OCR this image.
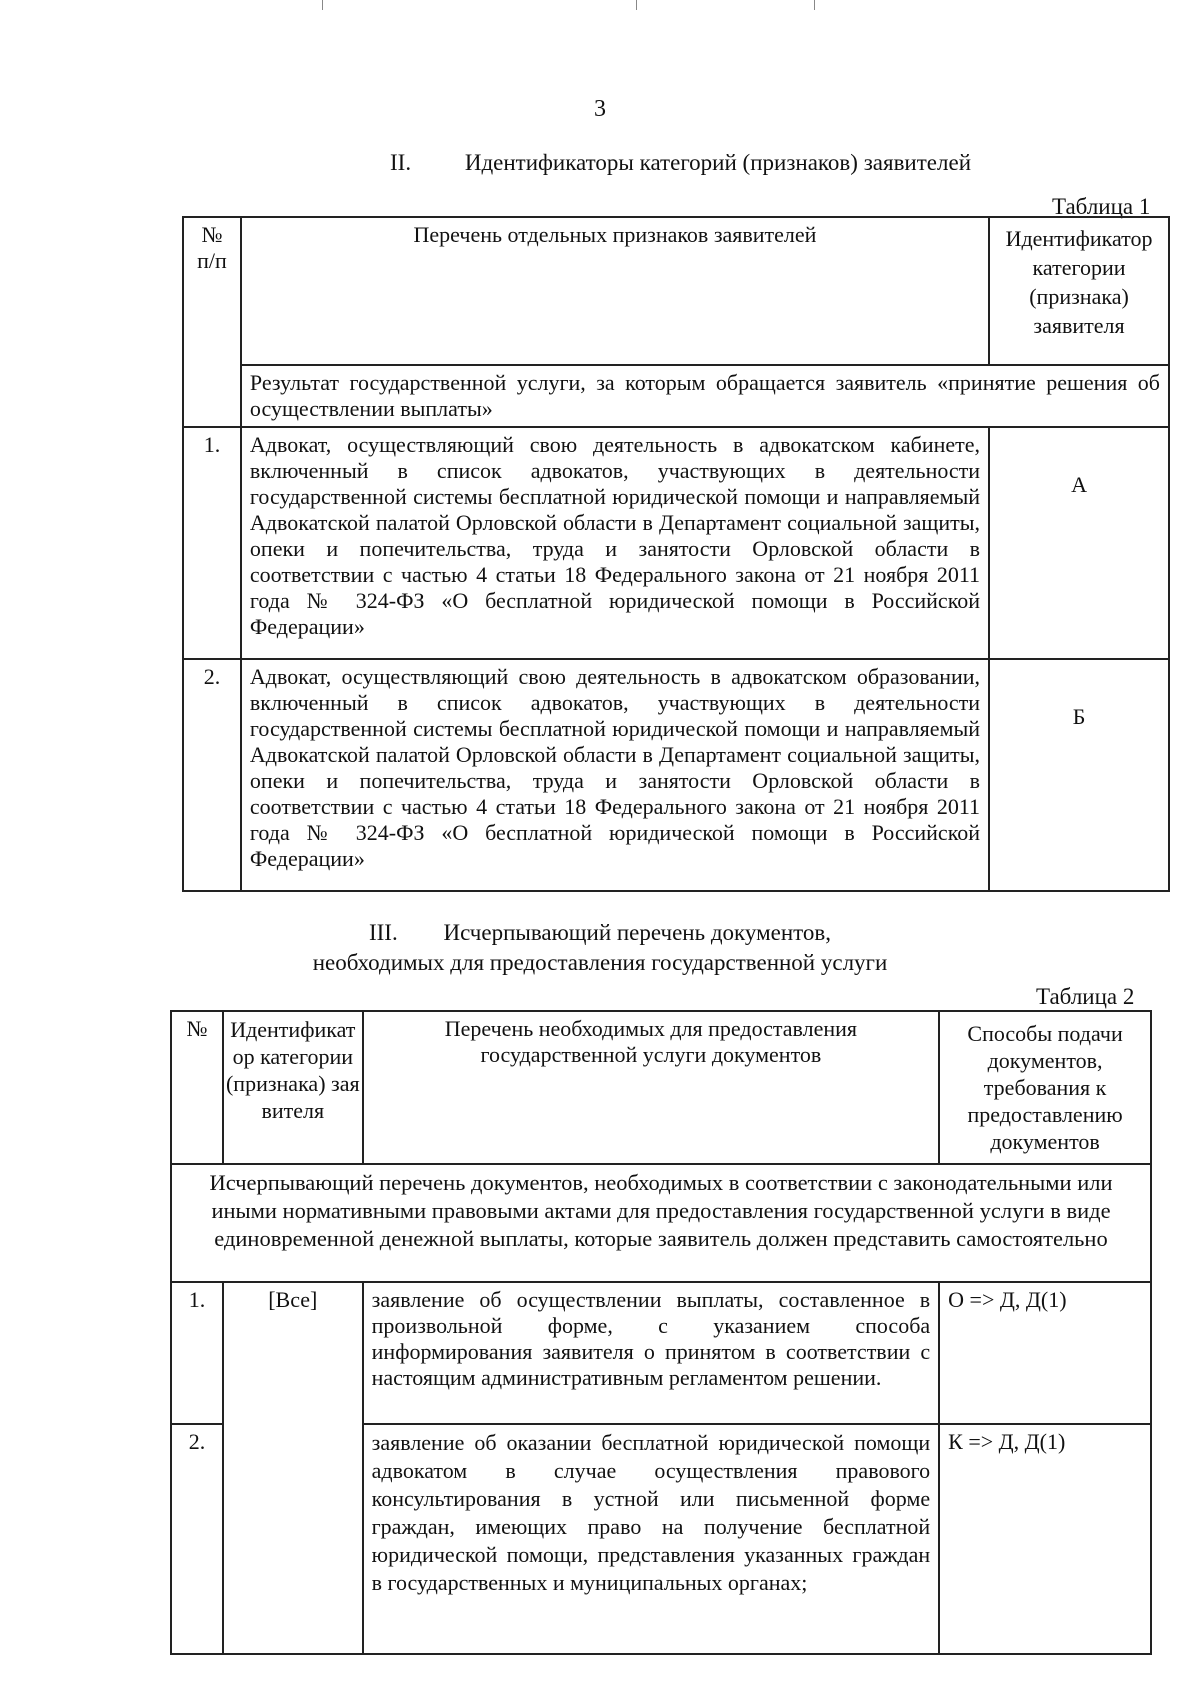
3
II. Идентификаторы категорий (признаков) заявителей
Таблица 1
№ п/п	Перечень отдельных признаков заявителей	Идентификатор категории (признака) заявителя
	Результат государственной услуги, за которым обращается заявитель «принятие решения об осуществлении выплаты»	
1.	Адвокат, осуществляющий свою деятельность в адвокатском кабинете, включенный в список адвокатов, участвующих в деятельности государственной системы бесплатной юридической помощи и направляемый Адвокатской палатой Орловской области в Департамент социальной защиты, опеки и попечительства, труда и занятости Орловской области в соответствии с частью 4 статьи 18 Федерального закона от 21 ноября 2011 года № 324-ФЗ «О бесплатной юридической помощи в Российской Федерации»	А
2.	Адвокат, осуществляющий свою деятельность в адвокатском образовании, включенный в список адвокатов, участвующих в деятельности государственной системы бесплатной юридической помощи и направляемый Адвокатской палатой Орловской области в Департамент социальной защиты, опеки и попечительства, труда и занятости Орловской области в соответствии с частью 4 статьи 18 Федерального закона от 21 ноября 2011 года № 324-ФЗ «О бесплатной юридической помощи в Российской Федерации»	Б
III. Исчерпывающий перечень документов,
необходимых для предоставления государственной услуги
Таблица 2
№	Идентификатор категории (признака) заявителя	Перечень необходимых для предоставления государственной услуги документов	Способы подачи документов, требования к предоставлению документов
Исчерпывающий перечень документов, необходимых в соответствии с законодательными или иными нормативными правовыми актами для предоставления государственной услуги в виде единовременной денежной выплаты, которые заявитель должен представить самостоятельно			
1.	[Все]	заявление об осуществлении выплаты, составленное в произвольной форме, с указанием способа информирования заявителя о принятом в соответствии с настоящим административным регламентом решении.	О => Д, Д(1)
2.		заявление об оказании бесплатной юридической помощи адвокатом в случае осуществления правового консультирования в устной или письменной форме граждан, имеющих право на получение бесплатной юридической помощи, представления указанных граждан в государственных и муниципальных органах;	К => Д, Д(1)
